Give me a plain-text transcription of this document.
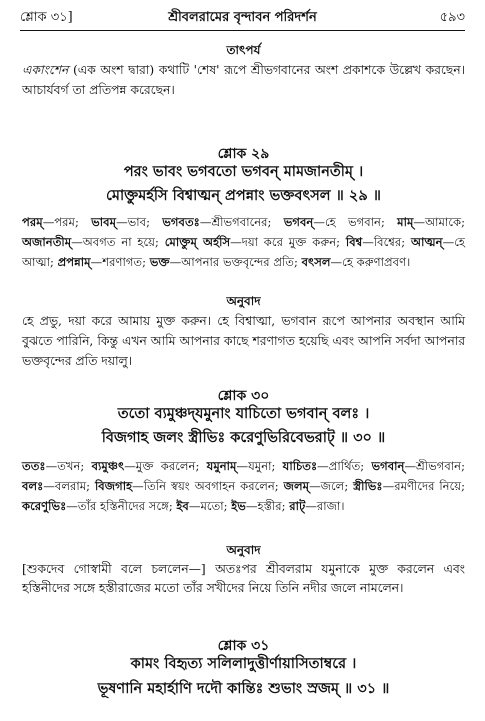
শ্লোক ৩১]	শ্রীবলরামের বৃন্দাবন পরিদর্শন	৫৯৩
তাৎপর্য
একাংশেন (এক অংশ দ্বারা) কথাটি 'শেষ' রূপে শ্রীভগবানের অংশ প্রকাশকে উল্লেখ করছেন। আচার্যবর্গ তা প্রতিপন্ন করেছেন।
শ্লোক ২৯
পরং ভাবং ভগবতো ভগবন্ মামজানতীম্ ।
মোক্তুমর্হসি বিশ্বাত্মন্ প্রপন্নাং ভক্তবৎসল ॥ ২৯ ॥
পরম্—পরম; ভাবম্—ভাব; ভগবতঃ—শ্রীভগবানের; ভগবন্—হে ভগবান; মাম্—আমাকে; অজানতীম্—অবগত না হয়ে; মোক্তুম্ অর্হসি—দয়া করে মুক্ত করুন; বিশ্ব—বিশ্বের; আত্মন্—হে আত্মা; প্রপন্নাম্—শরণাগত; ভক্ত—আপনার ভক্তবৃন্দের প্রতি; বৎসল—হে করুণাপ্রবণ।
অনুবাদ
হে প্রভু, দয়া করে আমায় মুক্ত করুন। হে বিশ্বাত্মা, ভগবান রূপে আপনার অবস্থান আমি বুঝতে পারিনি, কিন্তু এখন আমি আপনার কাছে শরণাগত হয়েছি এবং আপনি সর্বদা আপনার ভক্তবৃন্দের প্রতি দয়ালু।
শ্লোক ৩০
ততো ব্যমুঞ্চদ্‌যমুনাং যাচিতো ভগবান্ বলঃ ।
বিজগাহ জলং স্ত্রীভিঃ করেণুভিরিবেভরাট্ ॥ ৩০ ॥
ততঃ—তখন; ব্যমুঞ্চৎ—মুক্ত করলেন; যমুনাম্—যমুনা; যাচিতঃ—প্রার্থিত; ভগবান্—শ্রীভগবান; বলঃ—বলরাম; বিজগাহ—তিনি স্বয়ং অবগাহন করলেন; জলম্—জলে; স্ত্রীভিঃ—রমণীদের নিয়ে; করেণুভিঃ—তাঁর হস্তিনীদের সঙ্গে; ইব—মতো; ইভ—হস্তীর; রাট্—রাজা।
অনুবাদ
[শুকদেব গোস্বামী বলে চললেন—] অতঃপর শ্রীবলরাম যমুনাকে মুক্ত করলেন এবং হস্তিনীদের সঙ্গে হস্তীরাজের মতো তাঁর সখীদের নিয়ে তিনি নদীর জলে নামলেন।
শ্লোক ৩১
কামং বিহৃত্য সলিলাদুত্তীর্ণায়াসিতাম্বরে ।
ভূষণানি মহার্হাণি দদৌ কান্তিঃ শুভাং স্রজম্ ॥ ৩১ ॥
